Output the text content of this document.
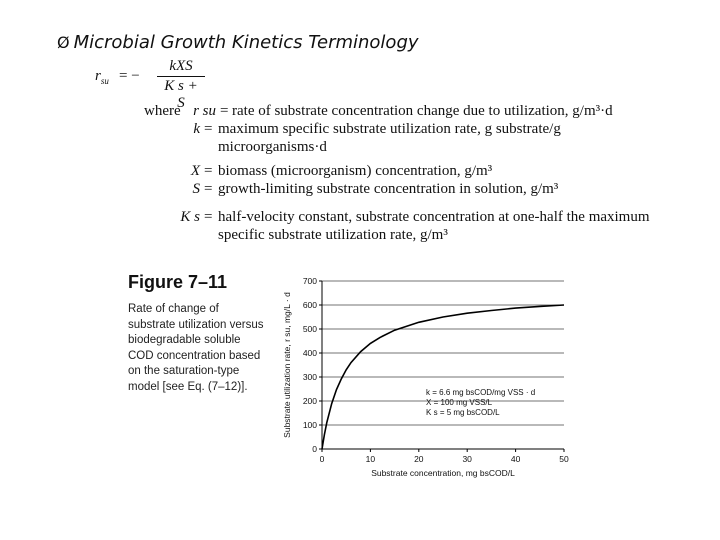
Ø Microbial Growth Kinetics Terminology
$r_{su}$ = −
kXS
K s + S
where r su = rate of substrate concentration change due to utilization, g/m³·d
k = maximum specific substrate utilization rate, g substrate/g
microorganisms·d
X = biomass (microorganism) concentration, g/m³
S = growth-limiting substrate concentration in solution, g/m³
K s = half-velocity constant, substrate concentration at one-half the maximum
specific substrate utilization rate, g/m³
Figure 7–11
Rate of change of substrate utilization versus biodegradable soluble COD concentration based on the saturation-type model [see Eq. (7–12)].
0
100
200
300
400
500
600
700
0	10	20	30	40	50
Substrate concentration, mg bsCOD/L
Substrate utilization rate, r su, mg/L · d	k = 6.6 mg bsCOD/mg VSS · d
X = 100 mg VSS/L
K s = 5 mg bsCOD/L
